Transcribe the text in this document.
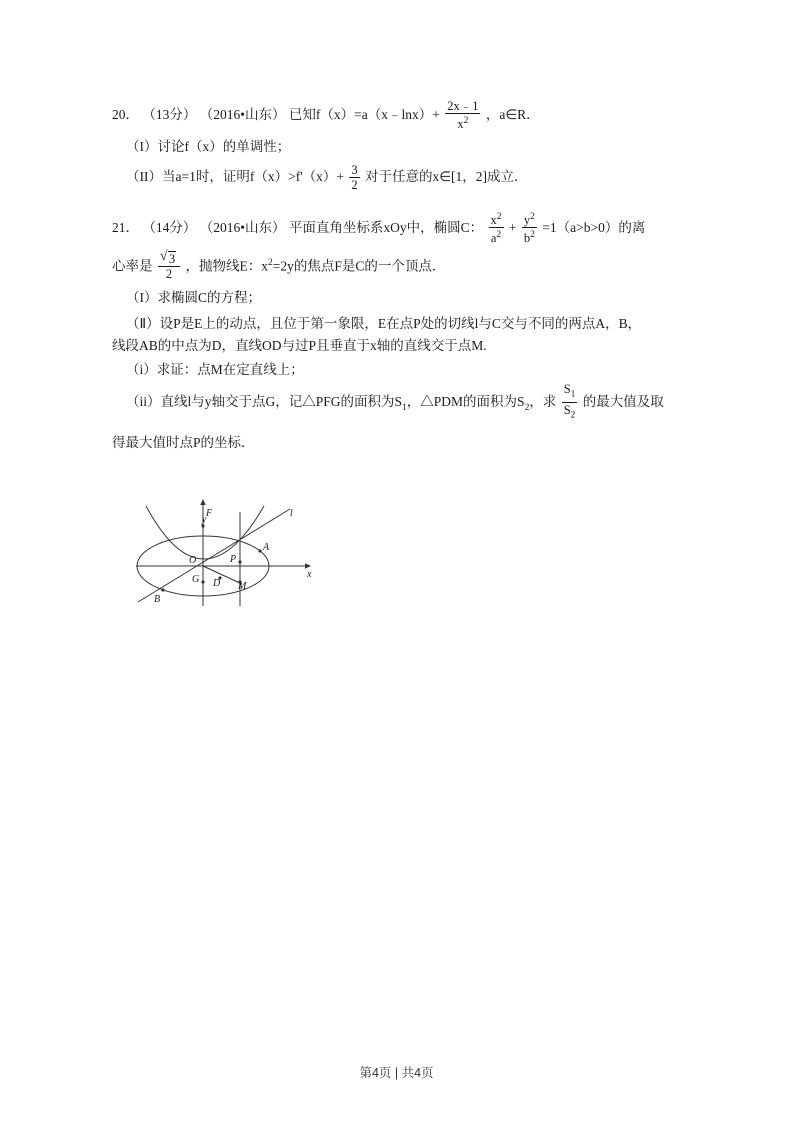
20． （13分） （2016•山东） 已知f（x）=a（x﹣lnx）+ $\frac{2x﹣1}{x^2}$ ，a∈R．
（I）讨论f（x）的单调性；
（II）当a=1时，证明$f(x)>f'(x)+ \frac{3}{2}$ 对于任意的x∈[1，2]成立．
21． （14分） （2016•山东） 平面直角坐标系xOy中，椭圆C： $\frac{x^2}{a^2} + \frac{y^2}{b^2} =1(a>b>0)$的离
心率是 √ $\frac{3}{2}$ ，抛物线E：$x^2=2y$的焦点F是C的一个顶点．
（I）求椭圆C的方程；
（Ⅱ）设P是E上的动点，且位于第一象限，E在点P处的切线l与C交与不同的两点A，B，
线段AB的中点为D，直线OD与过P且垂直于x轴的直线交于点M.
（i）求证：点M在定直线上；
（ii）直线l与y轴交于点G，记△PFG的面积为$S_1$，△PDM的面积为$S_2$，求 $\frac{S_1}{S_2}$ 的最大值及取
得最大值时点P的坐标．
y
F
x
O	P
A
B
D M
G
l
第4页 | 共4页
